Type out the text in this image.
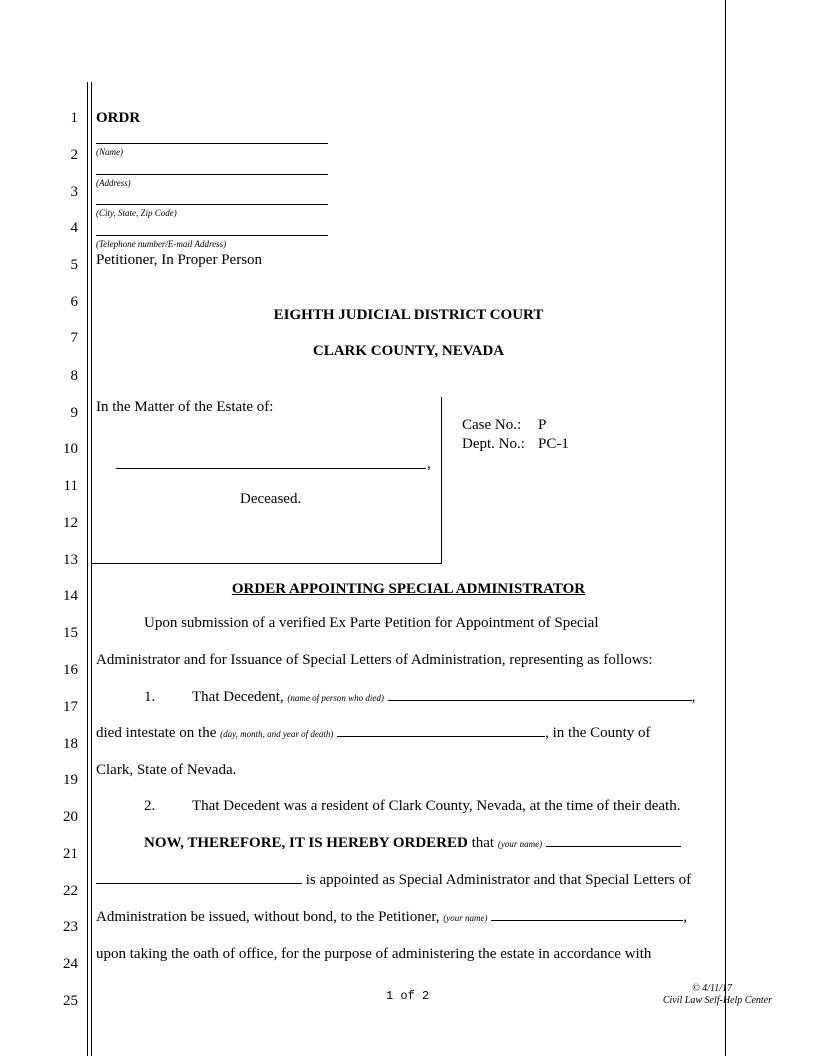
1
2
3
4
5
6
7
8
9
10
11
12
13
14
15
16
17
18
19
20
21
22
23
24
25
ORDR
(Name)
(Address)
(City, State, Zip Code)
(Telephone number/E-mail Address)
Petitioner, In Proper Person
EIGHTH JUDICIAL DISTRICT COURT
CLARK COUNTY, NEVADA
In the Matter of the Estate of:
,
Deceased.
Case No.: P
Dept. No.: PC-1
ORDER APPOINTING SPECIAL ADMINISTRATOR
Upon submission of a verified Ex Parte Petition for Appointment of Special
Administrator and for Issuance of Special Letters of Administration, representing as follows:
1. That Decedent, (name of person who died)	,
died intestate on the (day, month, and year of death)	, in the County of
Clark, State of Nevada.
2. That Decedent was a resident of Clark County, Nevada, at the time of their death.
NOW, THEREFORE, IT IS HEREBY ORDERED that (your name)
is appointed as Special Administrator and that Special Letters of
Administration be issued, without bond, to the Petitioner, (your name)	,
upon taking the oath of office, for the purpose of administering the estate in accordance with
1 of 2
© 4/11/17
Civil Law Self-Help Center
